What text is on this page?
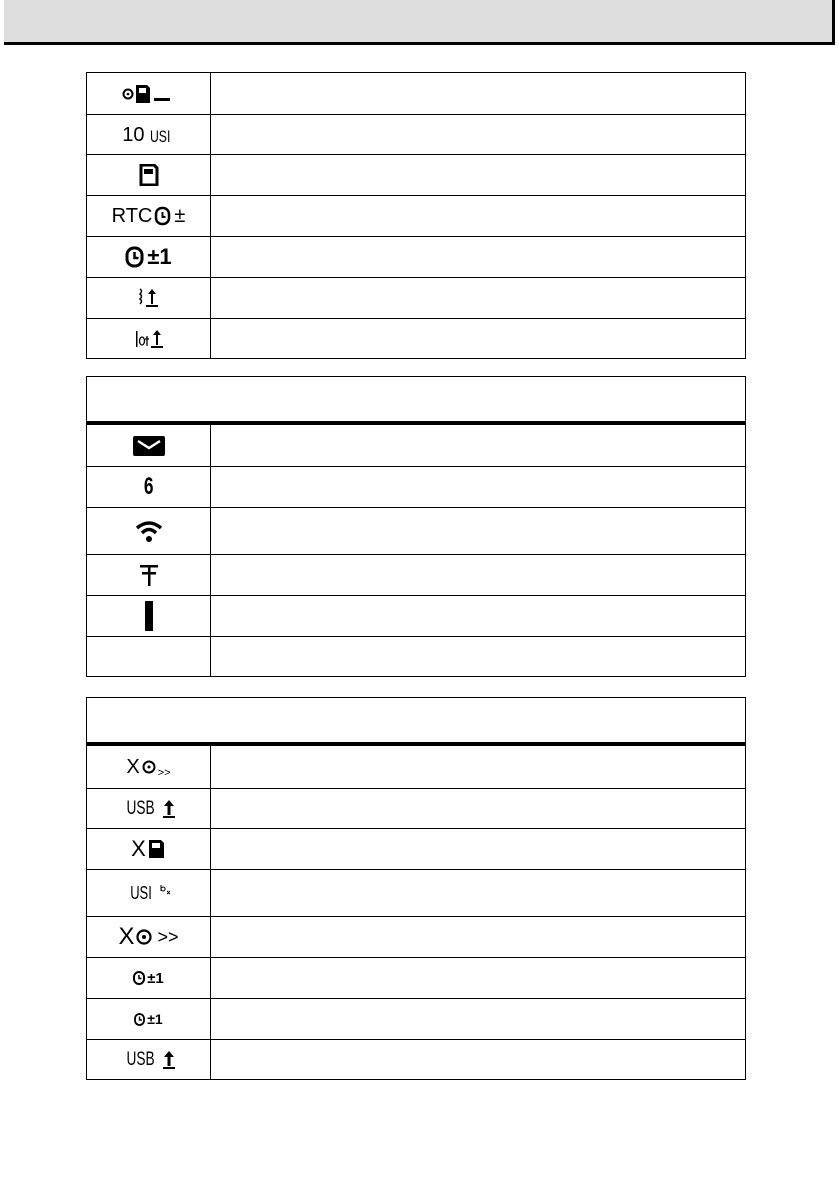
10 USI
RTC ±
±1
6
X >>
USB
X
USI
X >>
±1
±1
USB
